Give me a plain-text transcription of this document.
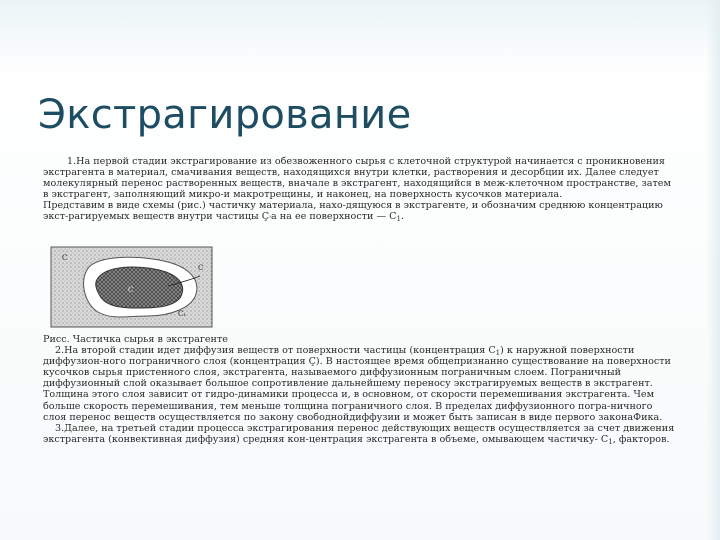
Экстрагирование

1.На первой стадии экстрагирование из обезвоженного сырья с клеточной структурой начинается с проникновения экстрагента в материал, смачивания веществ, находящихся внутри клетки, растворения и десорбции их. Далее следует молекулярный перенос растворенных веществ, вначале в экстрагент, находящийся в меж-клеточном пространстве, затем в экстрагент, заполняющий микро-и макротрещины, и наконец, на поверхность кусочков материала.

Представим в виде схемы (рис.) частичку материала, нахо-дящуюся в экстрагенте, и обозначим среднюю концентрацию экст-рагируемых веществ внутри частицы $Ç'а$ на ее поверхности — $С_1$.

С
С
С
С₁

Рисс. Частичка сырья в экстрагенте

2.На второй стадии идет диффузия веществ от поверхности частицы (концентрация $С_1$) к наружной поверхности диффузион-ного пограничного слоя (концентрация Ç). В настоящее время общепризнанно существование на поверхности кусочков сырья пристенного слоя, экстрагента, называемого диффузионным пограничным слоем. Пограничный диффузионный слой оказывает большое сопротивление дальнейшему переносу экстрагируемых веществ в экстрагент. Толщина этого слоя зависит от гидро-динамики процесса и, в основном, от скорости перемешивания экстрагента. Чем больше скорость перемешивания, тем меньше толщина пограничного слоя. В пределах диффузионного погра-ничного слоя перенос веществ осуществляется по закону свободнойдиффузии и может быть записан в виде первого законаФика.

3.Далее, на третьей стадии процесса экстрагирования перенос действующих веществ осуществляется за счет движения экстрагента (конвективная диффузия) средняя кон-центрация экстрагента в объеме, омывающем частичку- $С_1$, факторов.
